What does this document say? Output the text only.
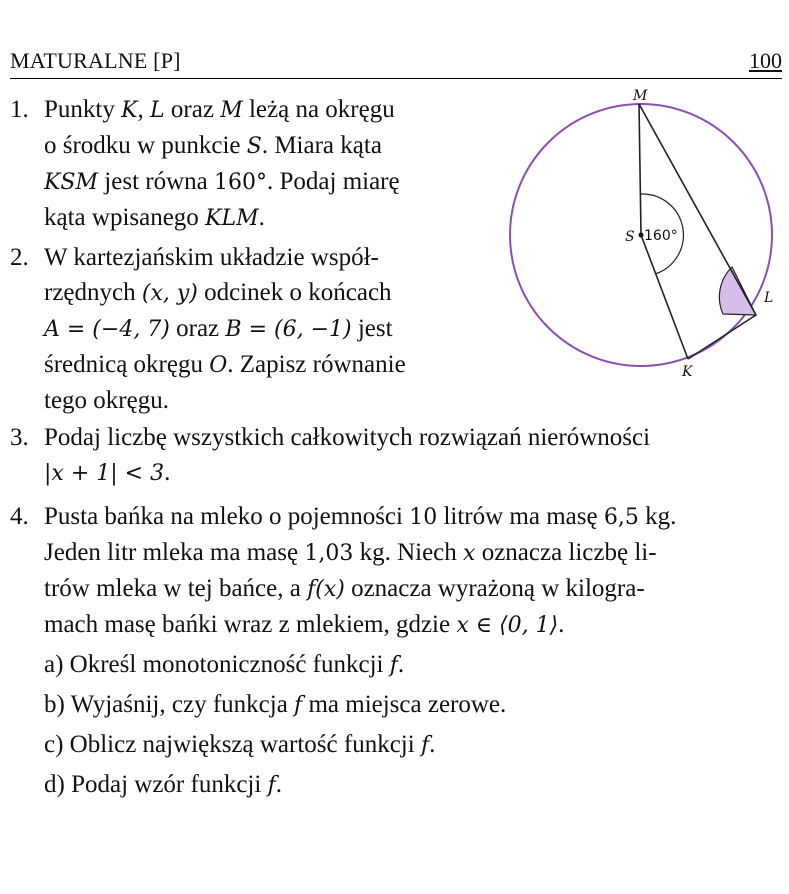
MATURALNE [P]	100
1. Punkty K, L oraz M leżą na okręgu
o środku w punkcie S. Miara kąta
KSM jest równa 160°. Podaj miarę
kąta wpisanego KLM.
M
S 160°
L
K
2. W kartezjańskim układzie współ-
rzędnych (x, y) odcinek o końcach
A = (−4, 7) oraz B = (6, −1) jest
średnicą okręgu O. Zapisz równanie
tego okręgu.
3. Podaj liczbę wszystkich całkowitych rozwiązań nierówności
|x + 1| < 3.
4. Pusta bańka na mleko o pojemności 10 litrów ma masę 6,5 kg.
Jeden litr mleka ma masę 1,03 kg. Niech x oznacza liczbę li-
trów mleka w tej bańce, a f(x) oznacza wyrażoną w kilogra-
mach masę bańki wraz z mlekiem, gdzie x ∈ ⟨0, 1⟩.
a) Określ monotoniczność funkcji f.
b) Wyjaśnij, czy funkcja f ma miejsca zerowe.
c) Oblicz największą wartość funkcji f.
d) Podaj wzór funkcji f.
